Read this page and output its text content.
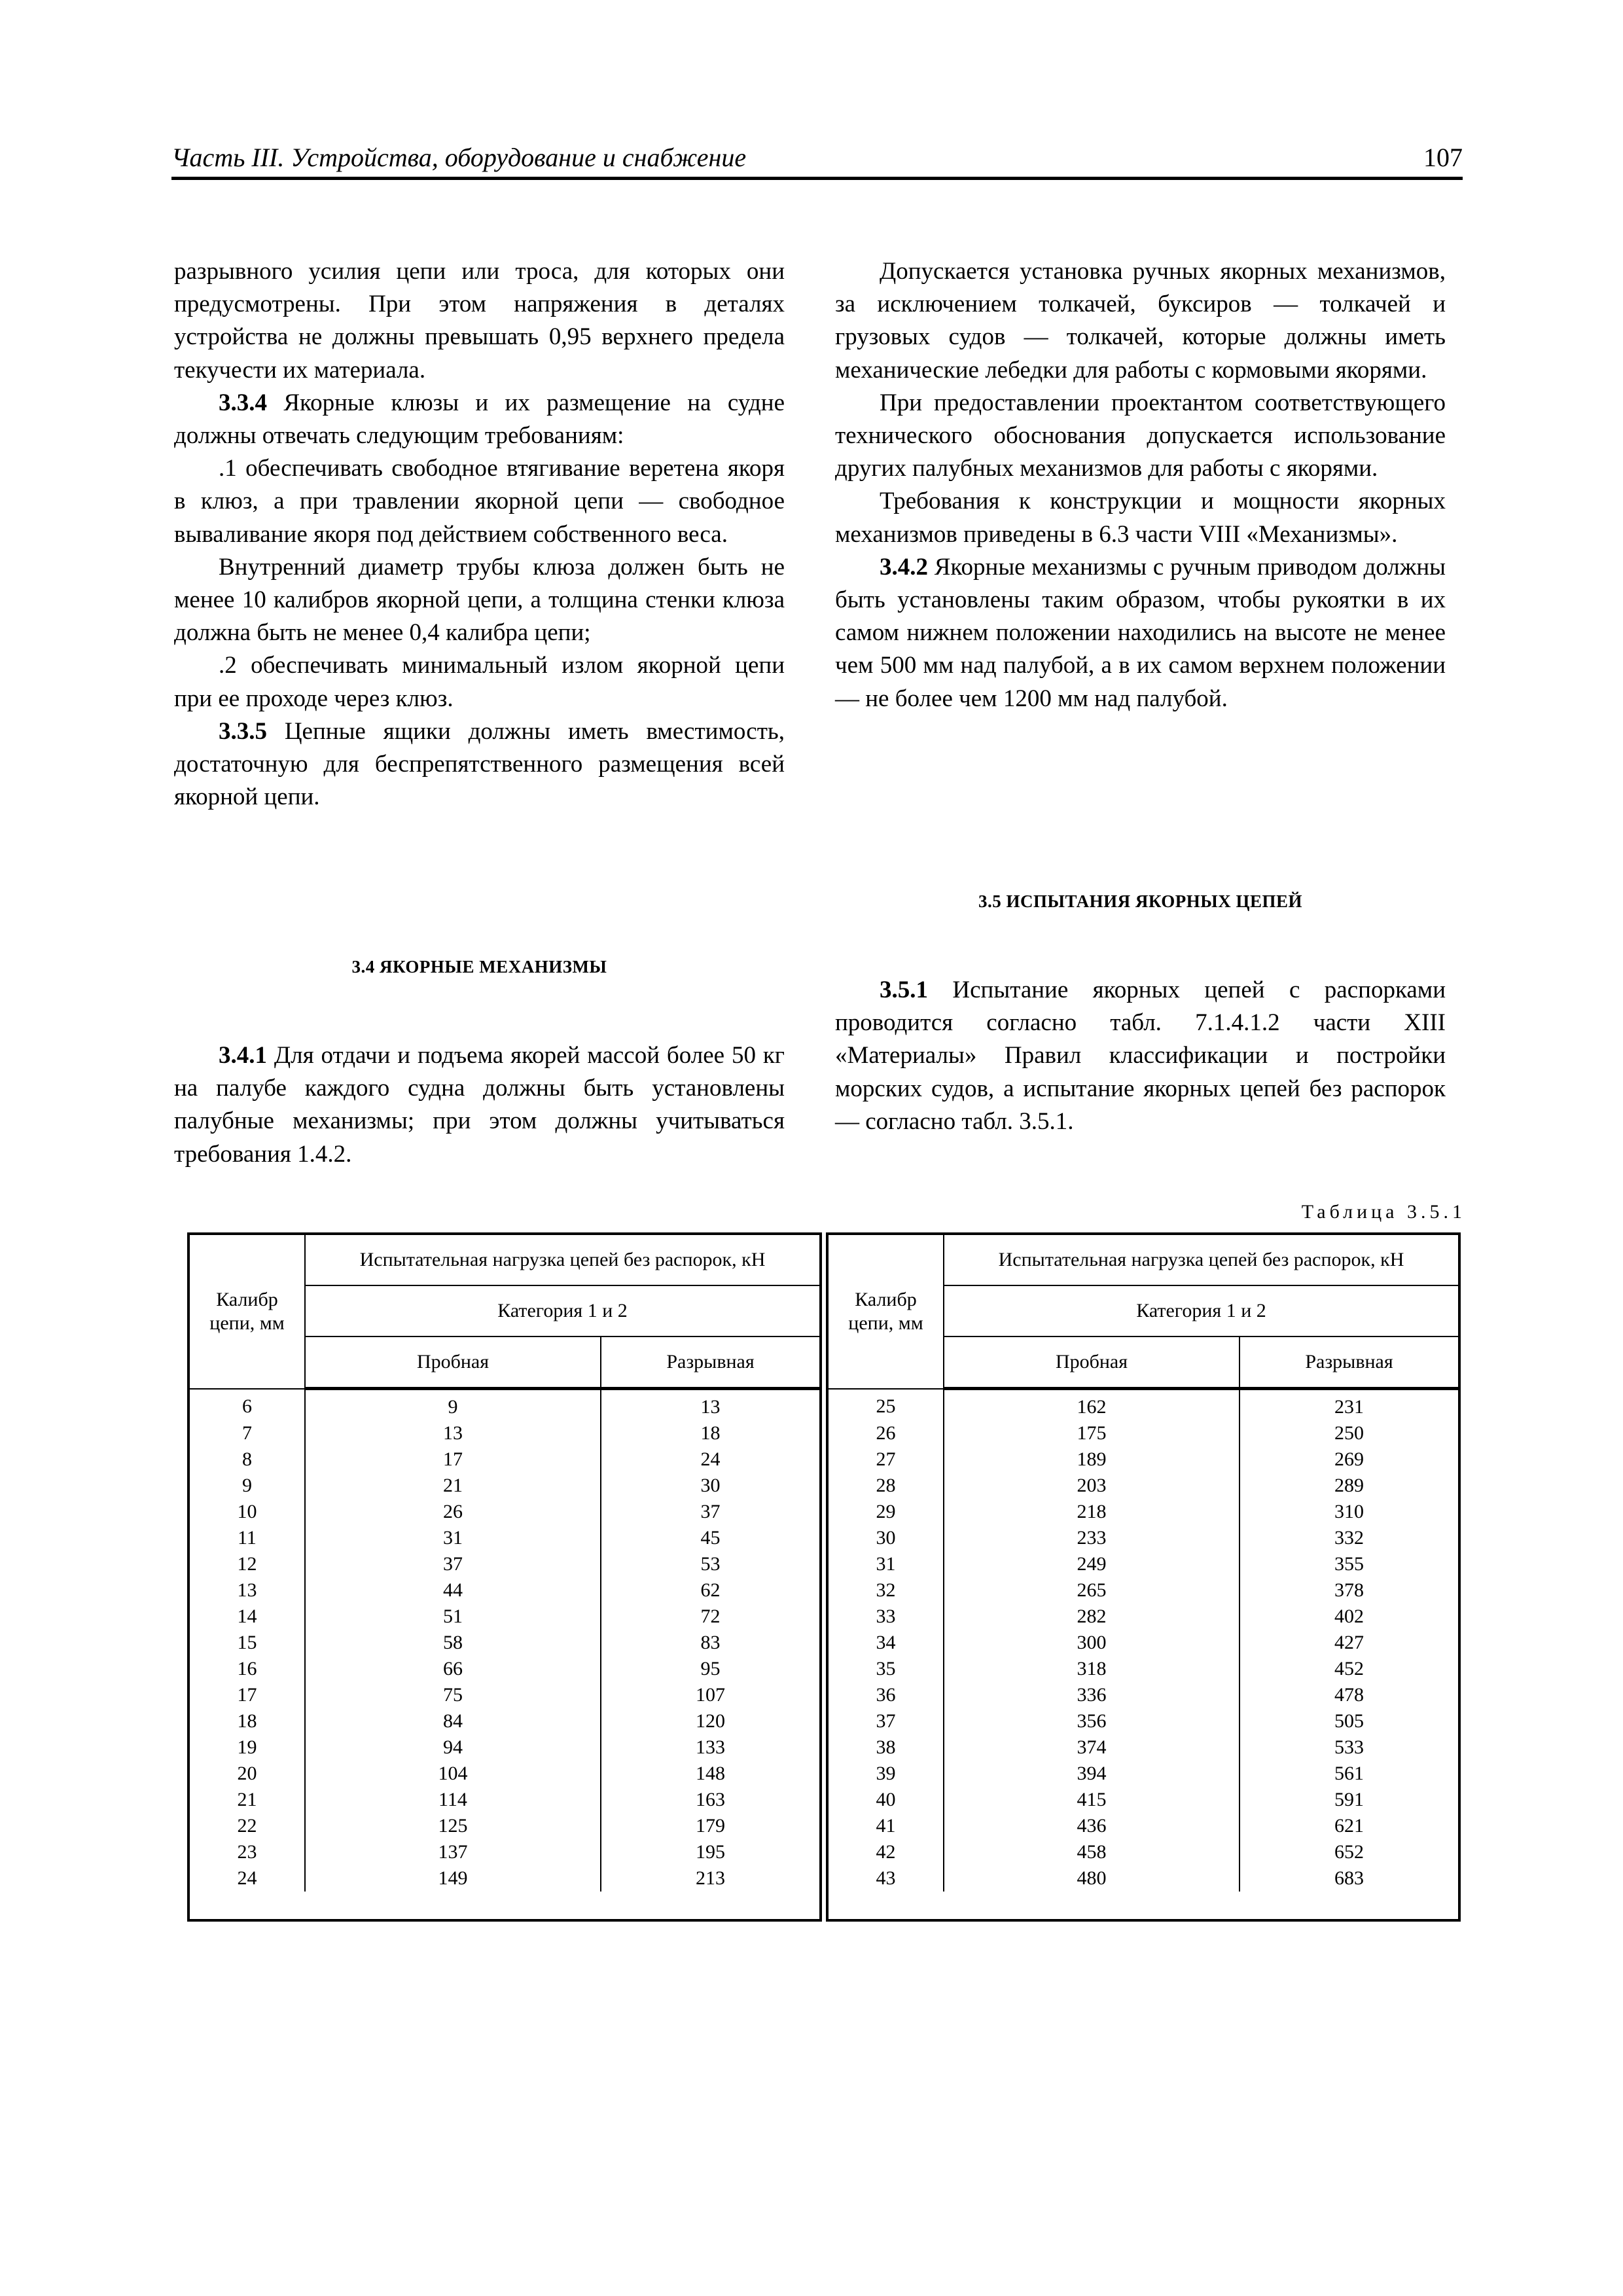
Часть III. Устройства, оборудование и снабжение	107

разрывного усилия цепи или троса, для которых они предусмотрены. При этом напряжения в деталях устройства не должны превышать 0,95 верхнего предела текучести их материала.

3.3.4 Якорные клюзы и их размещение на судне должны отвечать следующим требованиям:

.1 обеспечивать свободное втягивание веретена якоря в клюз, а при травлении якорной цепи — свободное вываливание якоря под действием собственного веса.

Внутренний диаметр трубы клюза должен быть не менее 10 калибров якорной цепи, а толщина стенки клюза должна быть не менее 0,4 калибра цепи;

.2 обеспечивать минимальный излом якорной цепи при ее проходе через клюз.

3.3.5 Цепные ящики должны иметь вместимость, достаточную для беспрепятственного размещения всей якорной цепи.

3.4 ЯКОРНЫЕ МЕХАНИЗМЫ

3.4.1 Для отдачи и подъема якорей массой более 50 кг на палубе каждого судна должны быть установлены палубные механизмы; при этом должны учитываться требования 1.4.2.

Допускается установка ручных якорных механизмов, за исключением толкачей, буксиров — толкачей и грузовых судов — толкачей, которые должны иметь механические лебедки для работы с кормовыми якорями.

При предоставлении проектантом соответствующего технического обоснования допускается использование других палубных механизмов для работы с якорями.

Требования к конструкции и мощности якорных механизмов приведены в 6.3 части VIII «Механизмы».

3.4.2 Якорные механизмы с ручным приводом должны быть установлены таким образом, чтобы рукоятки в их самом нижнем положении находились на высоте не менее чем 500 мм над палубой, а в их самом верхнем положении — не более чем 1200 мм над палубой.

3.5 ИСПЫТАНИЯ ЯКОРНЫХ ЦЕПЕЙ

3.5.1 Испытание якорных цепей с распорками проводится согласно табл. 7.1.4.1.2 части XIII «Материалы» Правил классификации и постройки морских судов, а испытание якорных цепей без распорок — согласно табл. 3.5.1.

Таблица 3.5.1
Калибр цепи, мм	Испытательная нагрузка цепей без распорок, кН	
	Категория 1 и 2	
	Пробная	Разрывная
6	9	13
7	13	18
8	17	24
9	21	30
10	26	37
11	31	45
12	37	53
13	44	62
14	51	72
15	58	83
16	66	95
17	75	107
18	84	120
19	94	133
20	104	148
21	114	163
22	125	179
23	137	195
24	149	213
Калибр цепи, мм	Испытательная нагрузка цепей без распорок, кН	
	Категория 1 и 2	
	Пробная	Разрывная
25	162	231
26	175	250
27	189	269
28	203	289
29	218	310
30	233	332
31	249	355
32	265	378
33	282	402
34	300	427
35	318	452
36	336	478
37	356	505
38	374	533
39	394	561
40	415	591
41	436	621
42	458	652
43	480	683
